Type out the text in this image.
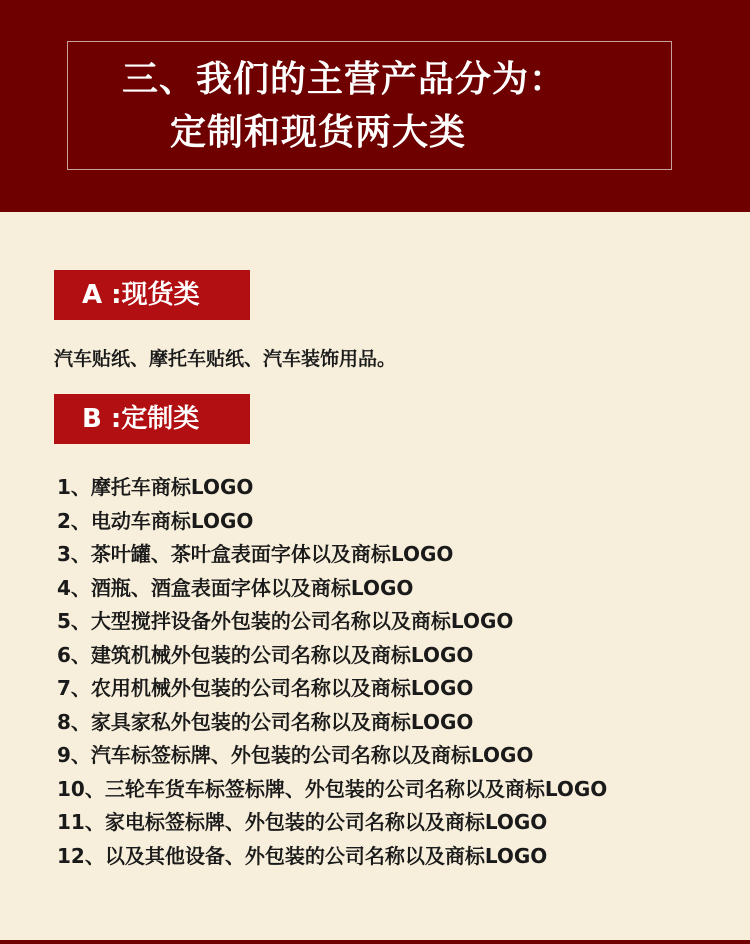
三、我们的主营产品分为：
定制和现货两大类
A :现货类
汽车贴纸、摩托车贴纸、汽车装饰用品。
B :定制类
1、摩托车商标LOGO
2、电动车商标LOGO
3、茶叶罐、茶叶盒表面字体以及商标LOGO
4、酒瓶、酒盒表面字体以及商标LOGO
5、大型搅拌设备外包装的公司名称以及商标LOGO
6、建筑机械外包装的公司名称以及商标LOGO
7、农用机械外包装的公司名称以及商标LOGO
8、家具家私外包装的公司名称以及商标LOGO
9、汽车标签标牌、外包装的公司名称以及商标LOGO
10、三轮车货车标签标牌、外包装的公司名称以及商标LOGO
11、家电标签标牌、外包装的公司名称以及商标LOGO
12、以及其他设备、外包装的公司名称以及商标LOGO
